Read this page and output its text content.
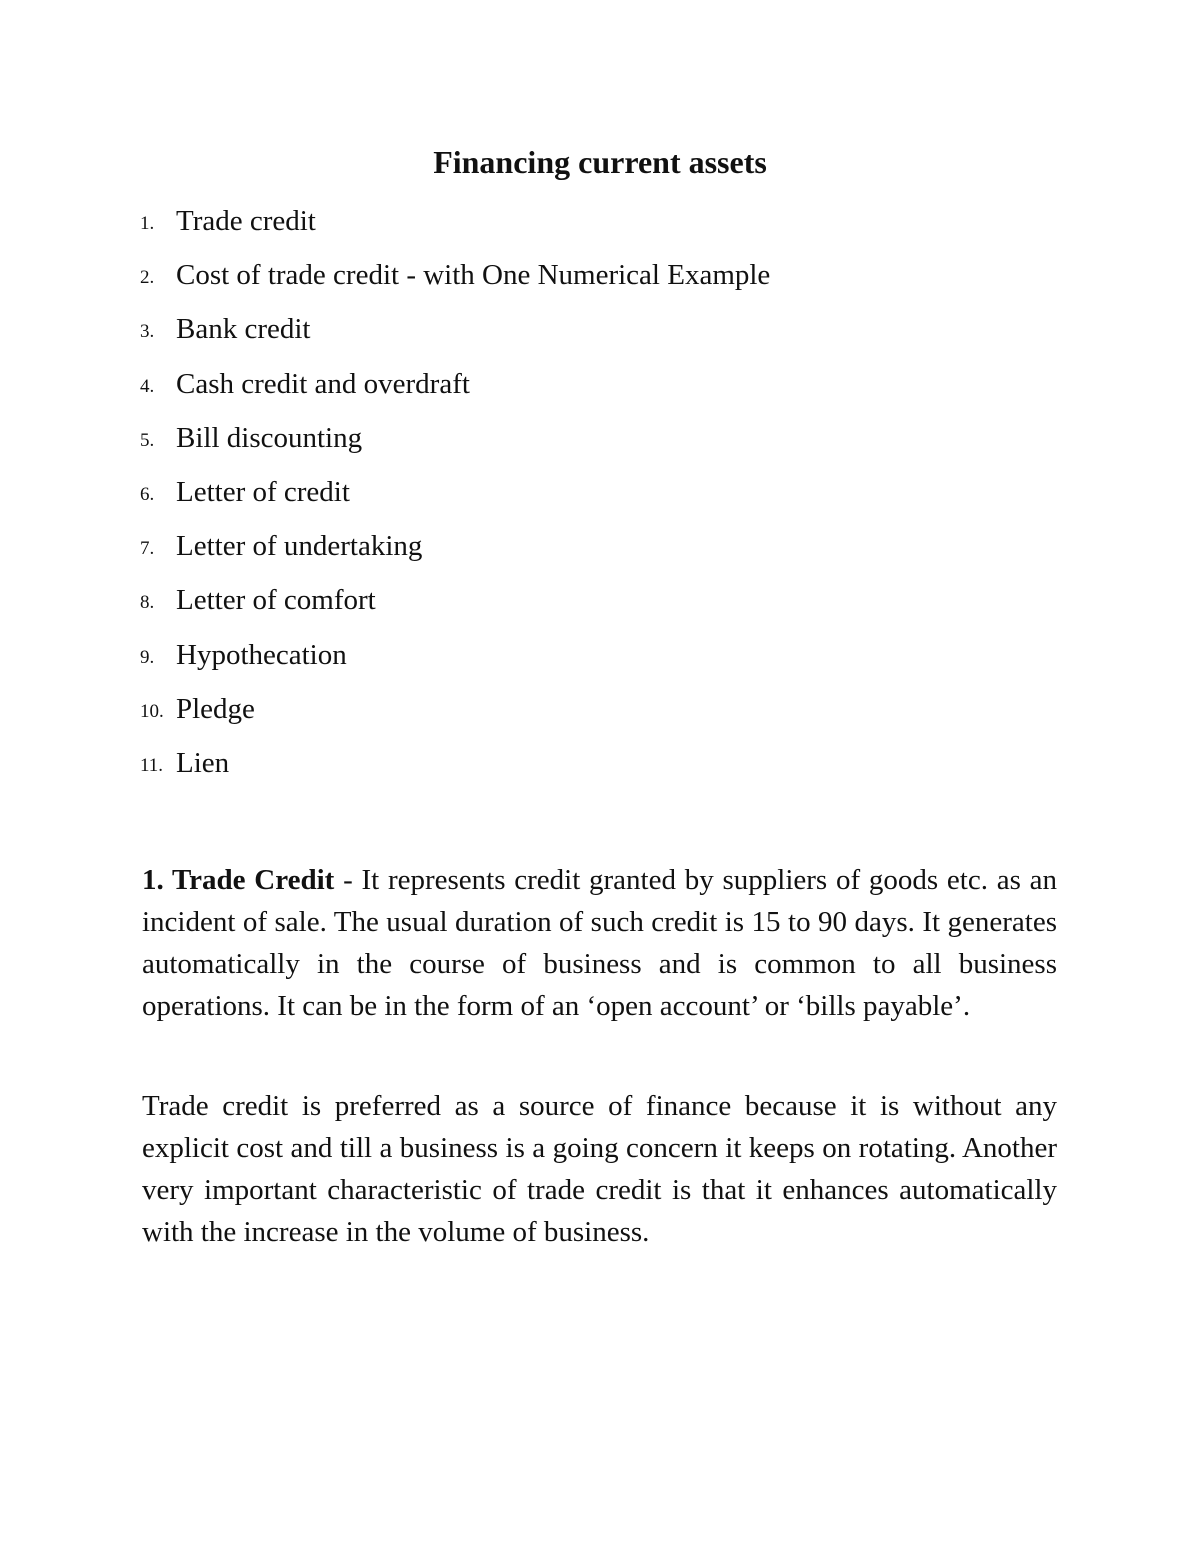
Financing current assets
1. Trade credit
2. Cost of trade credit - with One Numerical Example
3. Bank credit
4. Cash credit and overdraft
5. Bill discounting
6. Letter of credit
7. Letter of undertaking
8. Letter of comfort
9. Hypothecation
10. Pledge
11. Lien

1. Trade Credit - It represents credit granted by suppliers of goods etc. as an incident of sale. The usual duration of such credit is 15 to 90 days. It generates automatically in the course of business and is common to all business operations. It can be in the form of an ‘open account’ or ‘bills payable’.

Trade credit is preferred as a source of finance because it is without any explicit cost and till a business is a going concern it keeps on rotating. Another very important characteristic of trade credit is that it enhances automatically with the increase in the volume of business.
